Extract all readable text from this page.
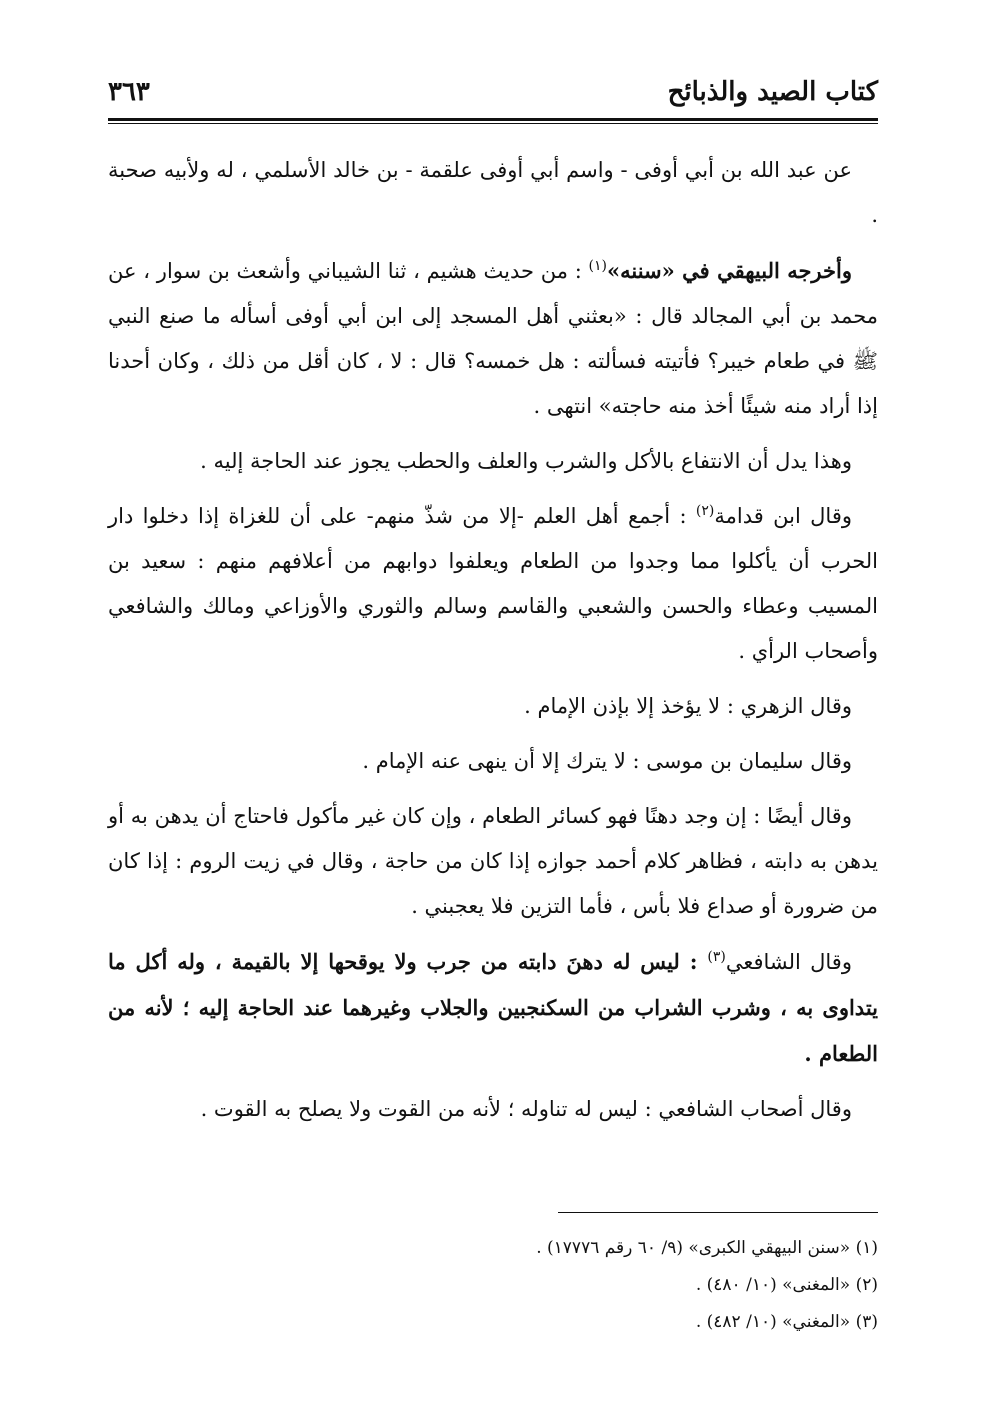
كتاب الصيد والذبائح
٣٦٣

عن عبد الله بن أبي أوفى - واسم أبي أوفى علقمة - بن خالد الأسلمي ، له ولأبيه صحبة .

وأخرجه البيهقي في «سننه»$^{(١)}$ : من حديث هشيم ، ثنا الشيباني وأشعث بن سوار ، عن محمد بن أبي المجالد قال : «بعثني أهل المسجد إلى ابن أبي أوفى أسأله ما صنع النبي ﷺ في طعام خيبر؟ فأتيته فسألته : هل خمسه؟ قال : لا ، كان أقل من ذلك ، وكان أحدنا إذا أراد منه شيئًا أخذ منه حاجته» انتهى .

وهذا يدل أن الانتفاع بالأكل والشرب والعلف والحطب يجوز عند الحاجة إليه .

وقال ابن قدامة$^{(٢)}$ : أجمع أهل العلم -إلا من شذّ منهم- على أن للغزاة إذا دخلوا دار الحرب أن يأكلوا مما وجدوا من الطعام ويعلفوا دوابهم من أعلافهم منهم : سعيد بن المسيب وعطاء والحسن والشعبي والقاسم وسالم والثوري والأوزاعي ومالك والشافعي وأصحاب الرأي .

وقال الزهري : لا يؤخذ إلا بإذن الإمام .

وقال سليمان بن موسى : لا يترك إلا أن ينهى عنه الإمام .

وقال أيضًا : إن وجد دهنًا فهو كسائر الطعام ، وإن كان غير مأكول فاحتاج أن يدهن به أو يدهن به دابته ، فظاهر كلام أحمد جوازه إذا كان من حاجة ، وقال في زيت الروم : إذا كان من ضرورة أو صداع فلا بأس ، فأما التزين فلا يعجبني .

وقال الشافعي$^{(٣)}$ : ليس له دهنَ دابته من جرب ولا يوقحها إلا بالقيمة ، وله أكل ما يتداوى به ، وشرب الشراب من السكنجبين والجلاب وغيرهما عند الحاجة إليه ؛ لأنه من الطعام .

وقال أصحاب الشافعي : ليس له تناوله ؛ لأنه من القوت ولا يصلح به القوت .

(١) «سنن البيهقي الكبرى» (٩/ ٦٠ رقم ١٧٧٧٦) .

(٢) «المغنى» (١٠/ ٤٨٠) .

(٣) «المغني» (١٠/ ٤٨٢) .
